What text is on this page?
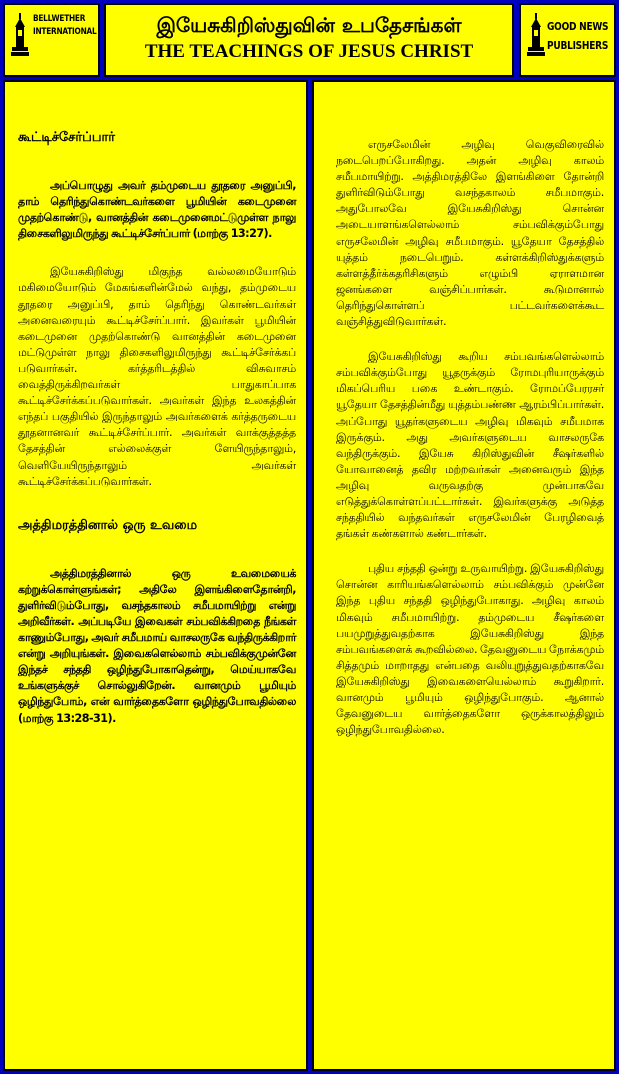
BELLWETHER
INTERNATIONAL	இயேசுகிறிஸ்துவின் உபதேசங்கள்
THE TEACHINGS OF JESUS CHRIST
GOOD NEWS
PUBLISHERS
கூட்டிச்சேர்ப்பார்

அப்பொழுது அவர் தம்முடைய தூதரை அனுப்பி, தாம் தெரிந்துகொண்டவர்களை பூமியின் கடைமுனை முதற்கொண்டு, வானத்தின் கடைமுனைமட்டுமுள்ள நாலு திசைகளிலுமிருந்து கூட்டிச்சேர்ப்பார் (மாற்கு 13:27).

இயேசுகிறிஸ்து மிகுந்த வல்லமையோடும் மகிமையோடும் மேகங்களின்மேல் வந்து, தம்முடைய தூதரை அனுப்பி, தாம் தெரிந்து கொண்டவர்கள் அனைவரையும் கூட்டிச்சேர்ப்பார். இவர்கள் பூமியின் கடைமுனை முதற்கொண்டு வானத்தின் கடைமுனை மட்டுமுள்ள நாலு திசைகளிலுமிருந்து கூட்டிச்சேர்க்கப் படுவார்கள். கர்த்தரிடத்தில் விசுவாசம் வைத்திருக்கிறவர்கள் பாதுகாப்பாக கூட்டிச்சேர்க்கப்படுவார்கள். அவர்கள் இந்த உலகத்தின் எந்தப் பகுதியில் இருந்தாலும் அவர்களைக் கர்த்தருடைய தூதனானவர் கூட்டிச்சேர்ப்பார். அவர்கள் வாக்குத்தத்த தேசத்தின் எல்லைக்குள் ளேயிருந்தாலும், வெளியேயிருந்தாலும் அவர்கள் கூட்டிச்சேர்க்கப்படுவார்கள்.

அத்திமரத்தினால் ஒரு உவமை

அத்திமரத்தினால் ஒரு உவமையைக் கற்றுக்கொள்ளுங்கள்; அதிலே இளங்கிளைதோன்றி, துளிர்விடும்போது, வசந்தகாலம் சமீபமாயிற்று என்று அறிவீர்கள். அப்படியே இவைகள் சம்பவிக்கிறதை நீங்கள் காணும்போது, அவர் சமீபமாய் வாசலருகே வந்திருக்கிறார் என்று அறியுங்கள். இவைகளெல்லாம் சம்பவிக்குமுன்னே இந்தச் சந்ததி ஒழிந்துபோகாதென்று, மெய்யாகவே உங்களுக்குச் சொல்லுகிறேன். வானமும் பூமியும் ஒழிந்துபோம், என் வார்த்தைகளோ ஒழிந்துபோவதில்லை (மாற்கு 13:28-31).

எருசலேமின் அழிவு வெகுவிரைவில் நடைபெறப்போகிறது. அதன் அழிவு காலம் சமீபமாயிற்று. அத்திமரத்திலே இளங்கிளை தோன்றி துளிர்விடும்போது வசந்தகாலம் சமீபமாகும். அதுபோலவே இயேசுகிறிஸ்து சொன்ன அடையாளங்களெல்லாம் சம்பவிக்கும்போது எருசலேமின் அழிவு சமீபமாகும். யூதேயா தேசத்தில் யுத்தம் நடைபெறும். கள்ளக்கிறிஸ்துக்களும் கள்ளத்தீர்க்கதரிசிகளும் எழும்பி ஏராளமான ஜனங்களை வஞ்சிப்பார்கள். கூடுமானால் தெரிந்துகொள்ளப் பட்டவர்களைக்கூட வஞ்சித்துவிடுவார்கள்.

இயேசுகிறிஸ்து கூறிய சம்பவங்களெல்லாம் சம்பவிக்கும்போது யூதருக்கும் ரோமபுரியாருக்கும் மிகப்பெரிய பகை உண்டாகும். ரோமப்பேரரசர் யூதேயா தேசத்தின்மீது யுத்தம்பண்ண ஆரம்பிப்பார்கள். அப்போது யூதர்களுடைய அழிவு மிகவும் சமீபமாக இருக்கும். அது அவர்களுடைய வாசலருகே வந்திருக்கும். இயேசு கிறிஸ்துவின் சீஷர்களில் யோவானைத் தவிர மற்றவர்கள் அனைவரும் இந்த அழிவு வருவதற்கு முன்பாகவே எடுத்துக்கொள்ளப்பட்டார்கள். இவர்களுக்கு அடுத்த சந்ததியில் வந்தவர்கள் எருசலேமின் பேரழிவைத் தங்கள் கண்களால் கண்டார்கள்.

புதிய சந்ததி ஒன்று உருவாயிற்று. இயேசுகிறிஸ்து சொன்ன காரியங்களெல்லாம் சம்பவிக்கும் முன்னே இந்த புதிய சந்ததி ஒழிந்துபோகாது. அழிவு காலம் மிகவும் சமீபமாயிற்று. தம்முடைய சீஷர்களை பயமுறுத்துவதற்காக இயேசுகிறிஸ்து இந்த சம்பவங்களைக் கூறவில்லை. தேவனுடைய நோக்கமும் சித்தமும் மாறாதது என்பதை வலியுறுத்துவதற்காகவே இயேசுகிறிஸ்து இவைகளையெல்லாம் கூறுகிறார். வானமும் பூமியும் ஒழிந்துபோகும். ஆனால் தேவனுடைய வார்த்தைகளோ ஒருக்காலத்திலும் ஒழிந்துபோவதில்லை.
